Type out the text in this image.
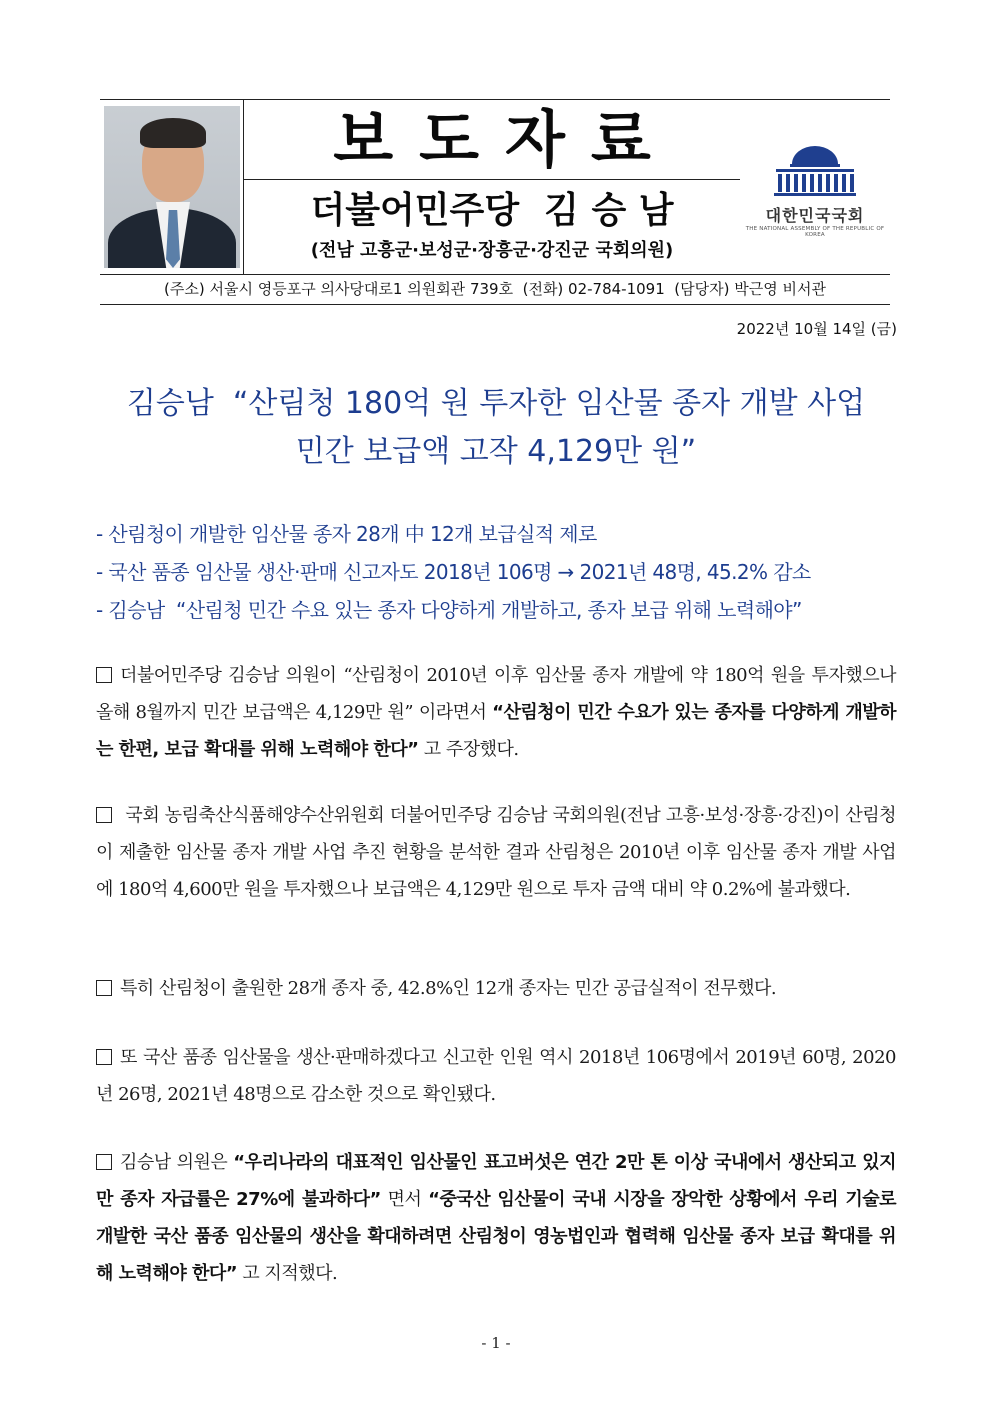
보도자료
더불어민주당  김 승 남
(전남 고흥군·보성군·장흥군·강진군 국회의원)
대한민국국회
THE NATIONAL ASSEMBLY OF THE REPUBLIC OF KOREA
(주소) 서울시 영등포구 의사당대로1 의원회관 739호  (전화) 02-784-1091  (담당자) 박근영 비서관
2022년 10월 14일 (금)
김승남  “산림청 180억 원 투자한 임산물 종자 개발 사업
민간 보급액 고작 4,129만 원”
- 산림청이 개발한 임산물 종자 28개 中 12개 보급실적 제로
- 국산 품종 임산물 생산·판매 신고자도 2018년 106명 → 2021년 48명, 45.2% 감소
- 김승남  “산림청 민간 수요 있는 종자 다양하게 개발하고, 종자 보급 위해 노력해야”
더불어민주당 김승남 의원이 “산림청이 2010년 이후 임산물 종자 개발에 약 180억 원을 투자했으나 올해 8월까지 민간 보급액은 4,129만 원” 이라면서 “산림청이 민간 수요가 있는 종자를 다양하게 개발하는 한편, 보급 확대를 위해 노력해야 한다” 고 주장했다.
국회 농림축산식품해양수산위원회 더불어민주당 김승남 국회의원(전남 고흥·보성·장흥·강진)이 산림청이 제출한 임산물 종자 개발 사업 추진 현황을 분석한 결과 산림청은 2010년 이후 임산물 종자 개발 사업에 180억 4,600만 원을 투자했으나 보급액은 4,129만 원으로 투자 금액 대비 약 0.2%에 불과했다.
특히 산림청이 출원한 28개 종자 중, 42.8%인 12개 종자는 민간 공급실적이 전무했다.
또 국산 품종 임산물을 생산·판매하겠다고 신고한 인원 역시 2018년 106명에서 2019년 60명, 2020년 26명, 2021년 48명으로 감소한 것으로 확인됐다.
김승남 의원은 “우리나라의 대표적인 임산물인 표고버섯은 연간 2만 톤 이상 국내에서 생산되고 있지만 종자 자급률은 27%에 불과하다” 면서 “중국산 임산물이 국내 시장을 장악한 상황에서 우리 기술로 개발한 국산 품종 임산물의 생산을 확대하려면 산림청이 영농법인과 협력해 임산물 종자 보급 확대를 위해 노력해야 한다” 고 지적했다.
- 1 -
